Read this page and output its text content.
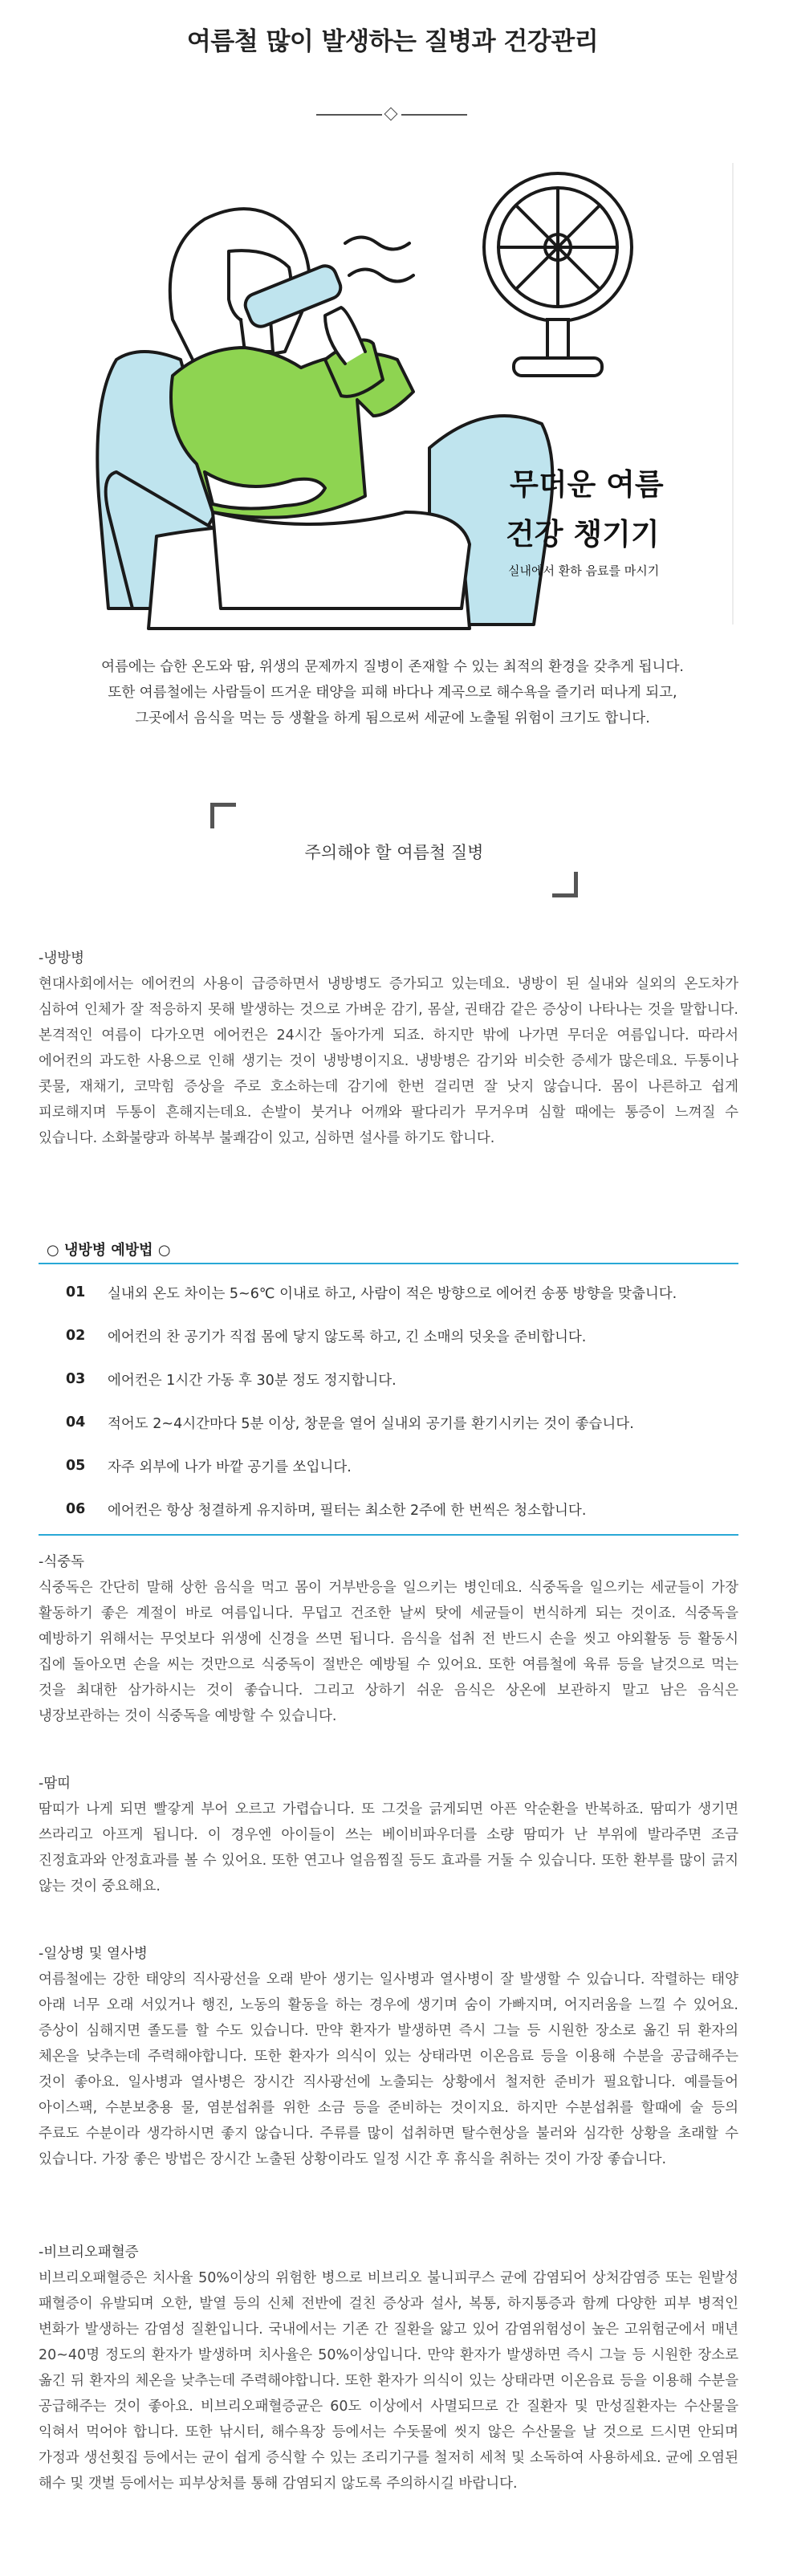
여름철 많이 발생하는 질병과 건강관리
무더운 여름
건강 챙기기
실내에서 환하 음료를 마시기

여름에는 습한 온도와 땀, 위생의 문제까지 질병이 존재할 수 있는 최적의 환경을 갖추게 됩니다.

또한 여름철에는 사람들이 뜨거운 태양을 피해 바다나 계곡으로 해수욕을 즐기러 떠나게 되고,

그곳에서 음식을 먹는 등 생활을 하게 됨으로써 세균에 노출될 위험이 크기도 합니다.

주의해야 할 여름철 질병
-냉방병

현대사회에서는 에어컨의 사용이 급증하면서 냉방병도 증가되고 있는데요. 냉방이 된 실내와 실외의 온도차가 심하여 인체가 잘 적응하지 못해 발생하는 것으로 가벼운 감기, 몸살, 권태감 같은 증상이 나타나는 것을 말합니다. 본격적인 여름이 다가오면 에어컨은 24시간 돌아가게 되죠. 하지만 밖에 나가면 무더운 여름입니다. 따라서 에어컨의 과도한 사용으로 인해 생기는 것이 냉방병이지요. 냉방병은 감기와 비슷한 증세가 많은데요. 두통이나 콧물, 재채기, 코막힘 증상을 주로 호소하는데 감기에 한번 걸리면 잘 낫지 않습니다. 몸이 나른하고 쉽게 피로해지며 두통이 흔해지는데요. 손발이 붓거나 어깨와 팔다리가 무거우며 심할 때에는 통증이 느껴질 수 있습니다. 소화불량과 하복부 불쾌감이 있고, 심하면 설사를 하기도 합니다.

○ 냉방병 예방법 ○
01	실내외 온도 차이는 5~6℃ 이내로 하고, 사람이 적은 방향으로 에어컨 송풍 방향을 맞춥니다.
02	에어컨의 찬 공기가 직접 몸에 닿지 않도록 하고, 긴 소매의 덧옷을 준비합니다.
03	에어컨은 1시간 가동 후 30분 정도 정지합니다.
04	적어도 2~4시간마다 5분 이상, 창문을 열어 실내외 공기를 환기시키는 것이 좋습니다.
05	자주 외부에 나가 바깥 공기를 쏘입니다.
06	에어컨은 항상 청결하게 유지하며, 필터는 최소한 2주에 한 번씩은 청소합니다.
-식중독

식중독은 간단히 말해 상한 음식을 먹고 몸이 거부반응을 일으키는 병인데요. 식중독을 일으키는 세균들이 가장 활동하기 좋은 계절이 바로 여름입니다. 무덥고 건조한 날씨 탓에 세균들이 번식하게 되는 것이죠. 식중독을 예방하기 위해서는 무엇보다 위생에 신경을 쓰면 됩니다. 음식을 섭취 전 반드시 손을 씻고 야외활동 등 활동시 집에 돌아오면 손을 씨는 것만으로 식중독이 절반은 예방될 수 있어요. 또한 여름철에 육류 등을 날것으로 먹는 것을 최대한 삼가하시는 것이 좋습니다. 그리고 상하기 쉬운 음식은 상온에 보관하지 말고 남은 음식은 냉장보관하는 것이 식중독을 예방할 수 있습니다.

-땀띠

땀띠가 나게 되면 빨갛게 부어 오르고 가렵습니다. 또 그것을 긁게되면 아픈 악순환을 반복하죠. 땀띠가 생기면 쓰라리고 아프게 됩니다. 이 경우엔 아이들이 쓰는 베이비파우더를 소량 땀띠가 난 부위에 발라주면 조금 진정효과와 안정효과를 볼 수 있어요. 또한 연고나 얼음찜질 등도 효과를 거둘 수 있습니다. 또한 환부를 많이 긁지 않는 것이 중요해요.

-일상병 및 열사병

여름철에는 강한 태양의 직사광선을 오래 받아 생기는 일사병과 열사병이 잘 발생할 수 있습니다. 작렬하는 태양 아래 너무 오래 서있거나 행진, 노동의 활동을 하는 경우에 생기며 숨이 가빠지며, 어지러움을 느낄 수 있어요. 증상이 심해지면 졸도를 할 수도 있습니다. 만약 환자가 발생하면 즉시 그늘 등 시원한 장소로 옮긴 뒤 환자의 체온을 낮추는데 주력해야합니다. 또한 환자가 의식이 있는 상태라면 이온음료 등을 이용해 수분을 공급해주는 것이 좋아요. 일사병과 열사병은 장시간 직사광선에 노출되는 상황에서 철저한 준비가 필요합니다. 예를들어 아이스팩, 수분보충용 물, 염분섭취를 위한 소금 등을 준비하는 것이지요. 하지만 수분섭취를 할때에 술 등의 주료도 수분이라 생각하시면 좋지 않습니다. 주류를 많이 섭취하면 탈수현상을 불러와 심각한 상황을 초래할 수 있습니다. 가장 좋은 방법은 장시간 노출된 상황이라도 일정 시간 후 휴식을 취하는 것이 가장 좋습니다.

-비브리오패혈증

비브리오패혈증은 치사율 50%이상의 위험한 병으로 비브리오 불니피쿠스 균에 감염되어 상처감염증 또는 원발성 패혈증이 유발되며 오한, 발열 등의 신체 전반에 걸친 증상과 설사, 복통, 하지통증과 함께 다양한 피부 병적인 변화가 발생하는 감염성 질환입니다. 국내에서는 기존 간 질환을 앓고 있어 감염위험성이 높은 고위험군에서 매년 20~40명 정도의 환자가 발생하며 치사율은 50%이상입니다. 만약 환자가 발생하면 즉시 그늘 등 시원한 장소로 옮긴 뒤 환자의 체온을 낮추는데 주력해야합니다. 또한 환자가 의식이 있는 상태라면 이온음료 등을 이용해 수분을 공급해주는 것이 좋아요. 비브리오패혈증균은 60도 이상에서 사멸되므로 간 질환자 및 만성질환자는 수산물을 익혀서 먹어야 합니다. 또한 낚시터, 해수욕장 등에서는 수돗물에 씻지 않은 수산물을 날 것으로 드시면 안되며 가정과 생선횟집 등에서는 균이 쉽게 증식할 수 있는 조리기구를 철저히 세척 및 소독하여 사용하세요. 균에 오염된 해수 및 갯벌 등에서는 피부상처를 통해 감염되지 않도록 주의하시길 바랍니다.
